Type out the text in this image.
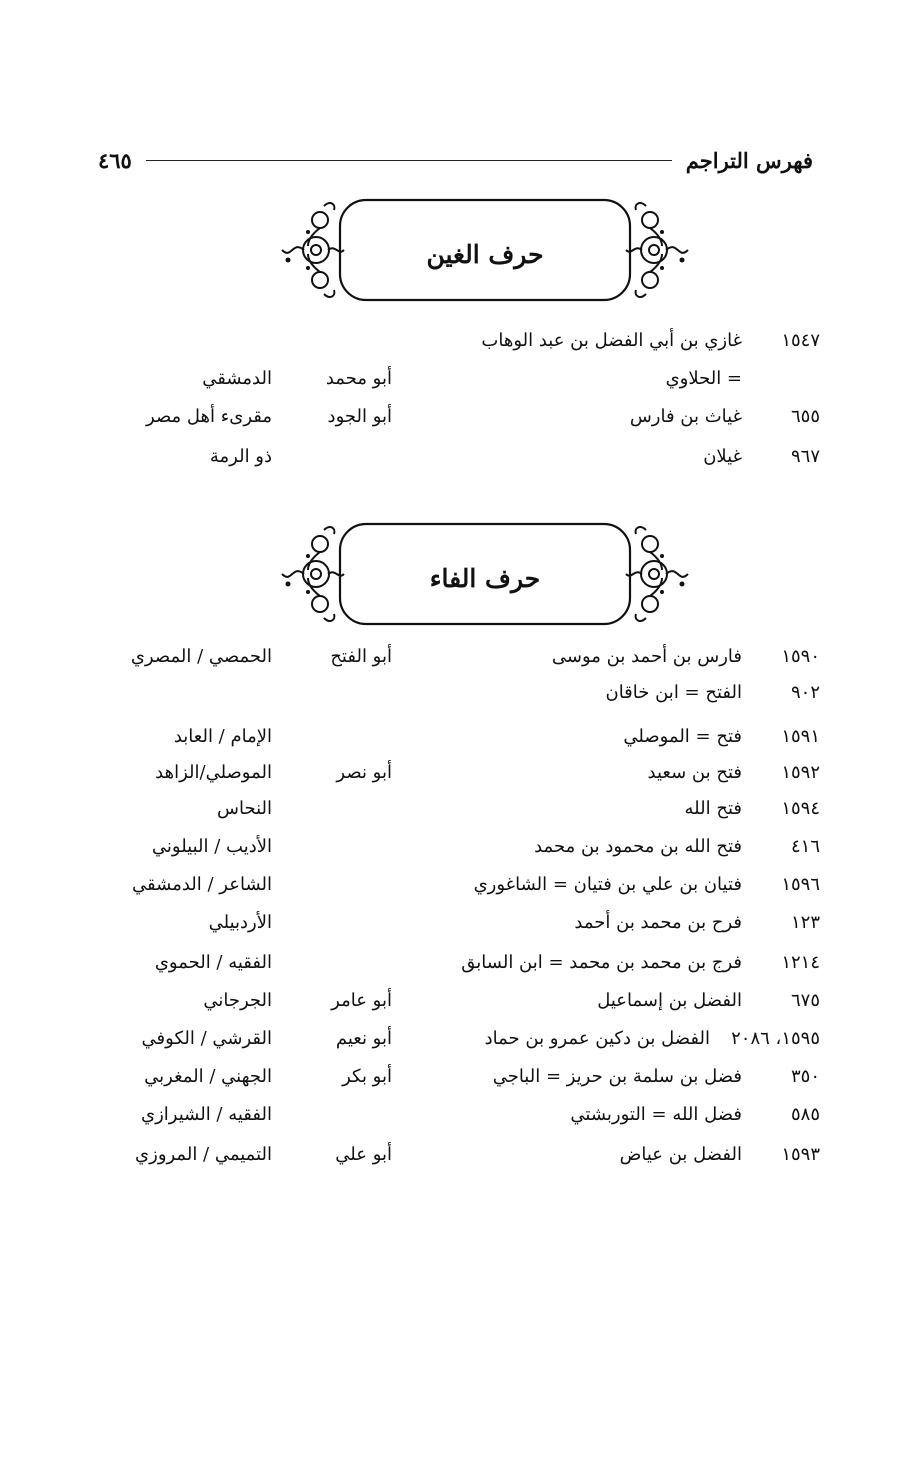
فهرس التراجم
٤٦٥
حرف الغين
١٥٤٧
غازي بن أبي الفضل بن عبد الوهاب
= الحلاوي
أبو محمد
الدمشقي
٦٥٥
غياث بن فارس
أبو الجود
مقرىء أهل مصر
٩٦٧
غيلان
ذو الرمة
حرف الفاء
١٥٩٠
فارس بن أحمد بن موسى
أبو الفتح
الحمصي / المصري
٩٠٢
الفتح = ابن خاقان
١٥٩١
فتح = الموصلي
الإمام / العابد
١٥٩٢
فتح بن سعيد
أبو نصر
الموصلي/الزاهد
١٥٩٤
فتح الله
النحاس
٤١٦
فتح الله بن محمود بن محمد
الأديب / البيلوني
١٥٩٦
فتيان بن علي بن فتيان = الشاغوري
الشاعر / الدمشقي
١٢٣
فرح بن محمد بن أحمد
الأردبيلي
١٢١٤
فرج بن محمد بن محمد = ابن السابق
الفقيه / الحموي
٦٧٥
الفضل بن إسماعيل
أبو عامر
الجرجاني
١٥٩٥، ٢٠٨٦
الفضل بن دكين عمرو بن حماد
أبو نعيم
القرشي / الكوفي
٣٥٠
فضل بن سلمة بن حريز = الباجي
أبو بكر
الجهني / المغربي
٥٨٥
فضل الله = التوربشتي
الفقيه / الشيرازي
١٥٩٣
الفضل بن عياض
أبو علي
التميمي / المروزي
